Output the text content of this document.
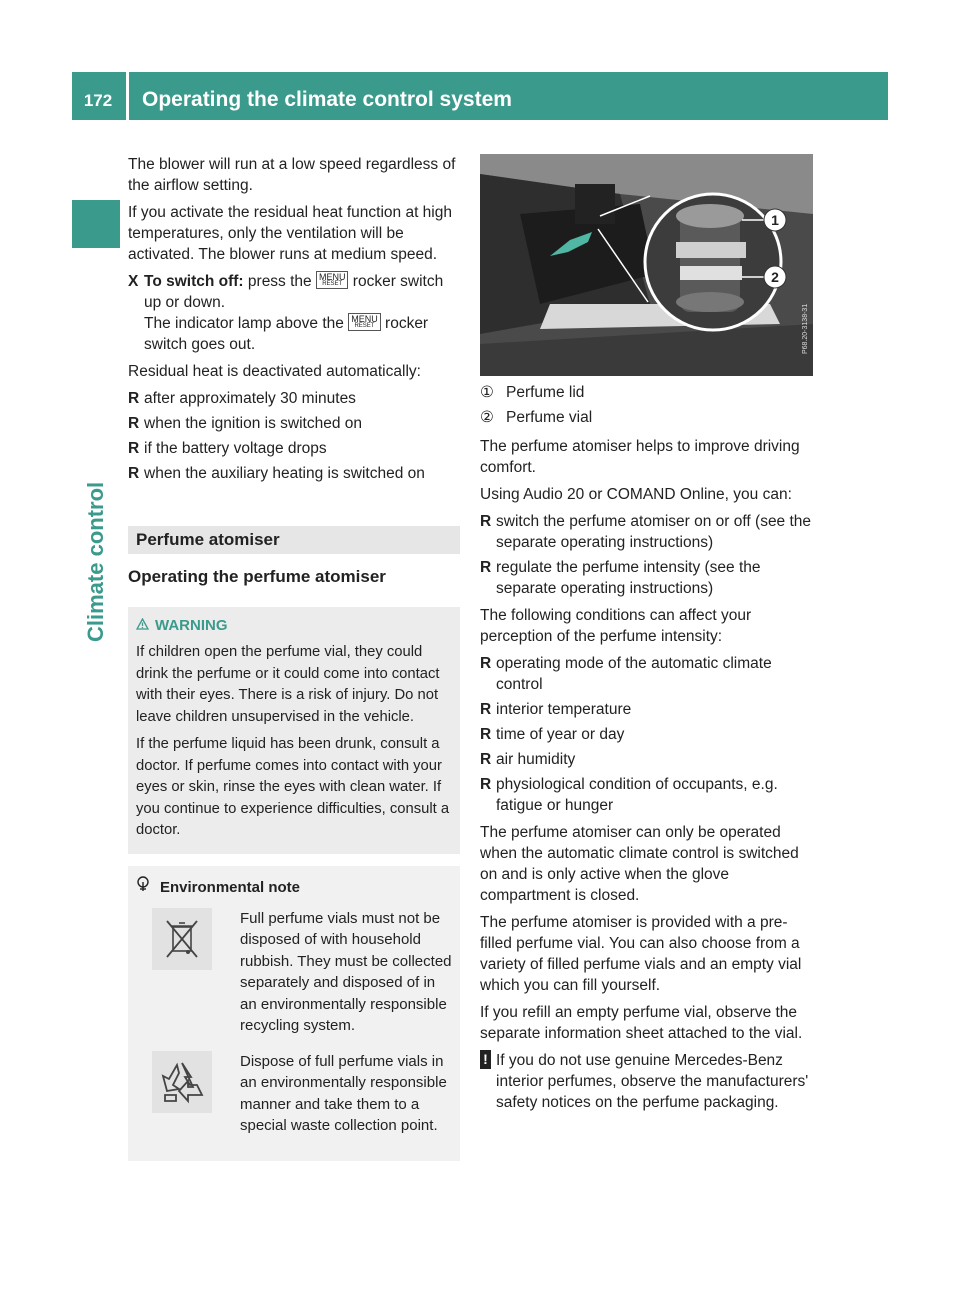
172	Operating the climate control system
Climate control

The blower will run at a low speed regardless of the airflow setting.

If you activate the residual heat function at high temperatures, only the ventilation will be activated. The blower runs at medium speed.

X To switch off: press the MENU
RESET rocker switch up or down.
The indicator lamp above the MENU
RESET rocker switch goes out.

Residual heat is deactivated automatically:

R after approximately 30 minutes
R when the ignition is switched on
R if the battery voltage drops
R when the auxiliary heating is switched on
Perfume atomiser
Operating the perfume atomiser
WARNING

If children open the perfume vial, they could drink the perfume or it could come into contact with their eyes. There is a risk of injury. Do not leave children unsupervised in the vehicle.

If the perfume liquid has been drunk, consult a doctor. If perfume comes into contact with your eyes or skin, rinse the eyes with clean water. If you continue to experience difficulties, consult a doctor.

Environmental note
Full perfume vials must not be disposed of with household rubbish. They must be collected separately and disposed of in an environmentally responsible recycling system.
Dispose of full perfume vials in an environmentally responsible manner and take them to a special waste collection point.
1
2
P68.20-3138-31
① Perfume lid
② Perfume vial

The perfume atomiser helps to improve driving comfort.

Using Audio 20 or COMAND Online, you can:

R switch the perfume atomiser on or off (see the separate operating instructions)
R regulate the perfume intensity (see the separate operating instructions)

The following conditions can affect your perception of the perfume intensity:

R operating mode of the automatic climate control
R interior temperature
R time of year or day
R air humidity
R physiological condition of occupants, e.g. fatigue or hunger

The perfume atomiser can only be operated when the automatic climate control is switched on and is only active when the glove compartment is closed.

The perfume atomiser is provided with a pre-filled perfume vial. You can also choose from a variety of filled perfume vials and an empty vial which you can fill yourself.

If you refill an empty perfume vial, observe the separate information sheet attached to the vial.

! If you do not use genuine Mercedes-Benz interior perfumes, observe the manufacturers' safety notices on the perfume packaging.
